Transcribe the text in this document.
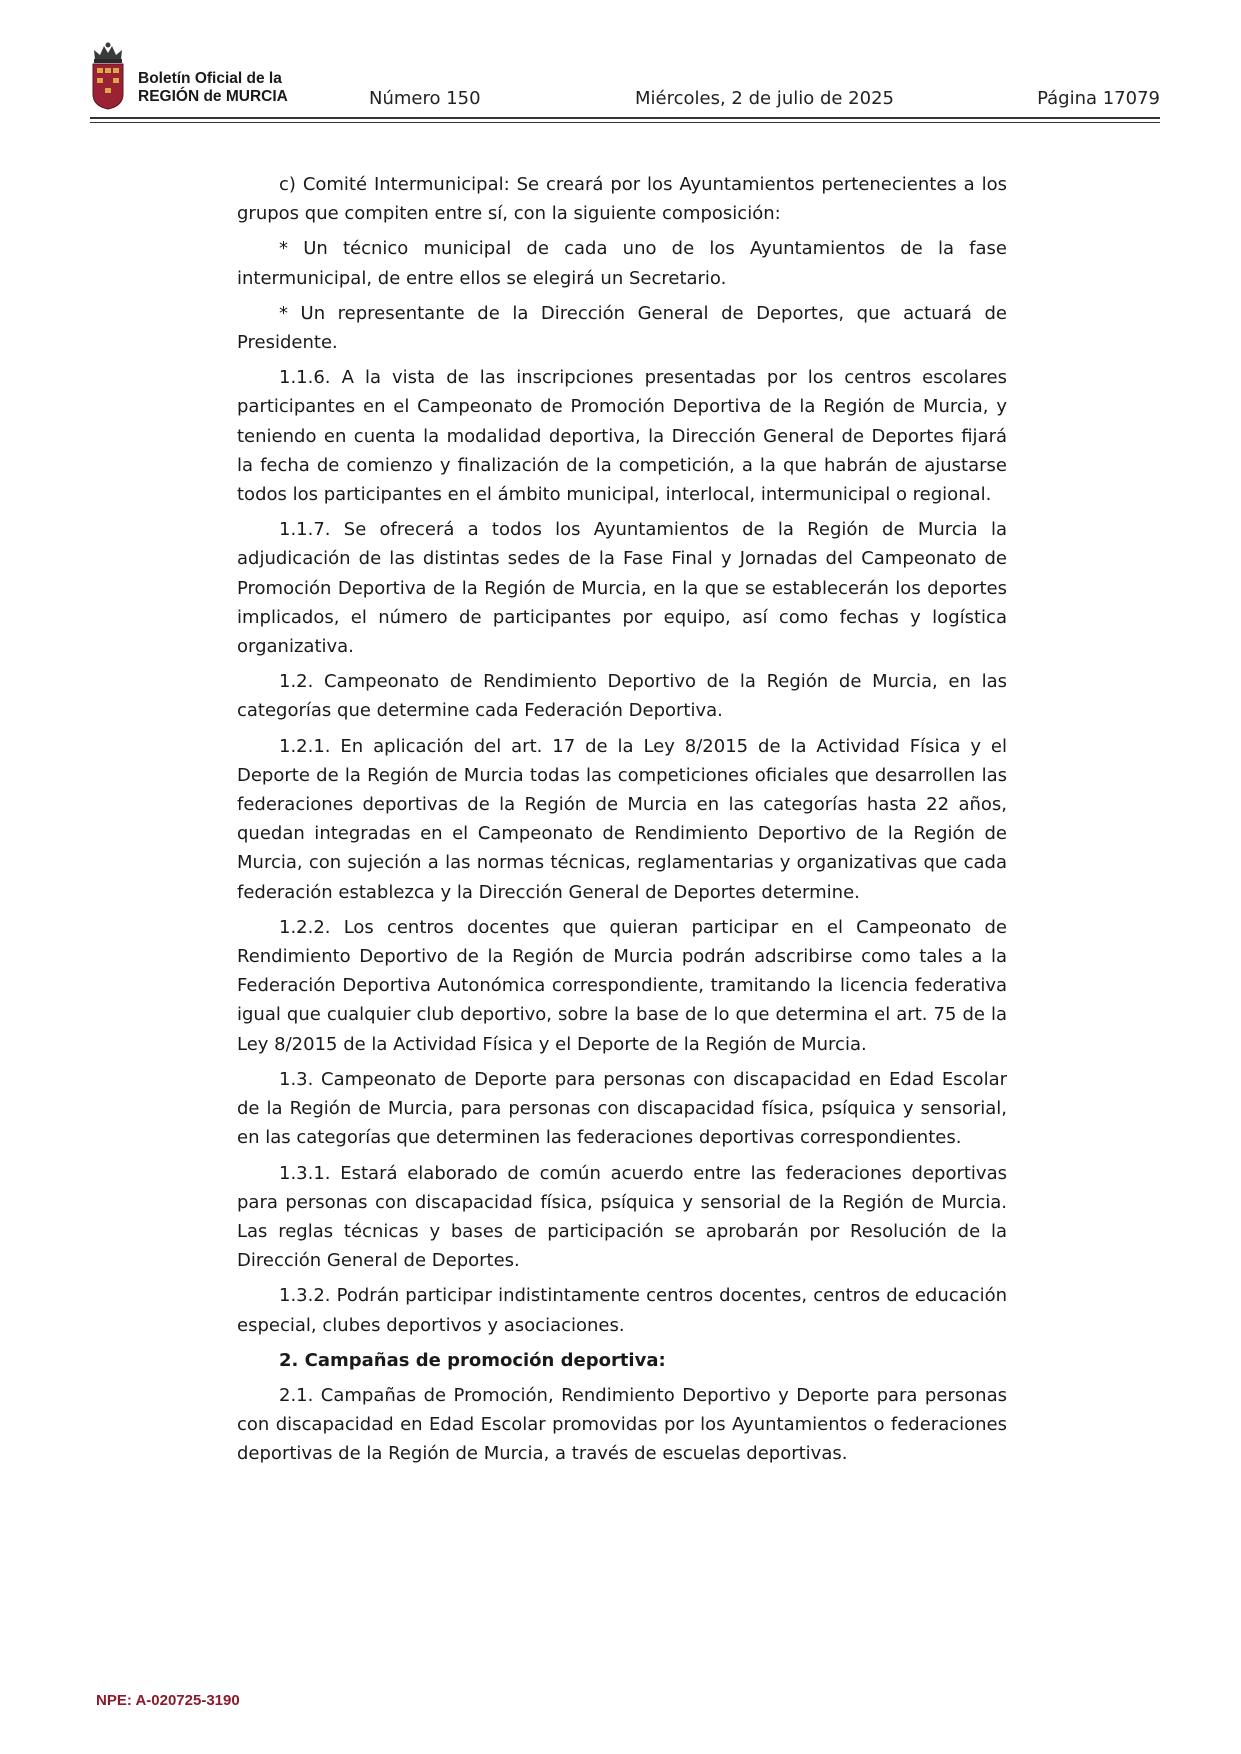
Boletín Oficial de la
REGIÓN de MURCIA	Número 150	Miércoles, 2 de julio de 2025	Página 17079

c) Comité Intermunicipal: Se creará por los Ayuntamientos pertenecientes a los grupos que compiten entre sí, con la siguiente composición:

* Un técnico municipal de cada uno de los Ayuntamientos de la fase intermunicipal, de entre ellos se elegirá un Secretario.

* Un representante de la Dirección General de Deportes, que actuará de Presidente.

1.1.6. A la vista de las inscripciones presentadas por los centros escolares participantes en el Campeonato de Promoción Deportiva de la Región de Murcia, y teniendo en cuenta la modalidad deportiva, la Dirección General de Deportes fijará la fecha de comienzo y finalización de la competición, a la que habrán de ajustarse todos los participantes en el ámbito municipal, interlocal, intermunicipal o regional.

1.1.7. Se ofrecerá a todos los Ayuntamientos de la Región de Murcia la adjudicación de las distintas sedes de la Fase Final y Jornadas del Campeonato de Promoción Deportiva de la Región de Murcia, en la que se establecerán los deportes implicados, el número de participantes por equipo, así como fechas y logística organizativa.

1.2. Campeonato de Rendimiento Deportivo de la Región de Murcia, en las categorías que determine cada Federación Deportiva.

1.2.1. En aplicación del art. 17 de la Ley 8/2015 de la Actividad Física y el Deporte de la Región de Murcia todas las competiciones oficiales que desarrollen las federaciones deportivas de la Región de Murcia en las categorías hasta 22 años, quedan integradas en el Campeonato de Rendimiento Deportivo de la Región de Murcia, con sujeción a las normas técnicas, reglamentarias y organizativas que cada federación establezca y la Dirección General de Deportes determine.

1.2.2. Los centros docentes que quieran participar en el Campeonato de Rendimiento Deportivo de la Región de Murcia podrán adscribirse como tales a la Federación Deportiva Autonómica correspondiente, tramitando la licencia federativa igual que cualquier club deportivo, sobre la base de lo que determina el art. 75 de la Ley 8/2015 de la Actividad Física y el Deporte de la Región de Murcia.

1.3. Campeonato de Deporte para personas con discapacidad en Edad Escolar de la Región de Murcia, para personas con discapacidad física, psíquica y sensorial, en las categorías que determinen las federaciones deportivas correspondientes.

1.3.1. Estará elaborado de común acuerdo entre las federaciones deportivas para personas con discapacidad física, psíquica y sensorial de la Región de Murcia. Las reglas técnicas y bases de participación se aprobarán por Resolución de la Dirección General de Deportes.

1.3.2. Podrán participar indistintamente centros docentes, centros de educación especial, clubes deportivos y asociaciones.

2. Campañas de promoción deportiva:

2.1. Campañas de Promoción, Rendimiento Deportivo y Deporte para personas con discapacidad en Edad Escolar promovidas por los Ayuntamientos o federaciones deportivas de la Región de Murcia, a través de escuelas deportivas.

NPE: A-020725-3190
